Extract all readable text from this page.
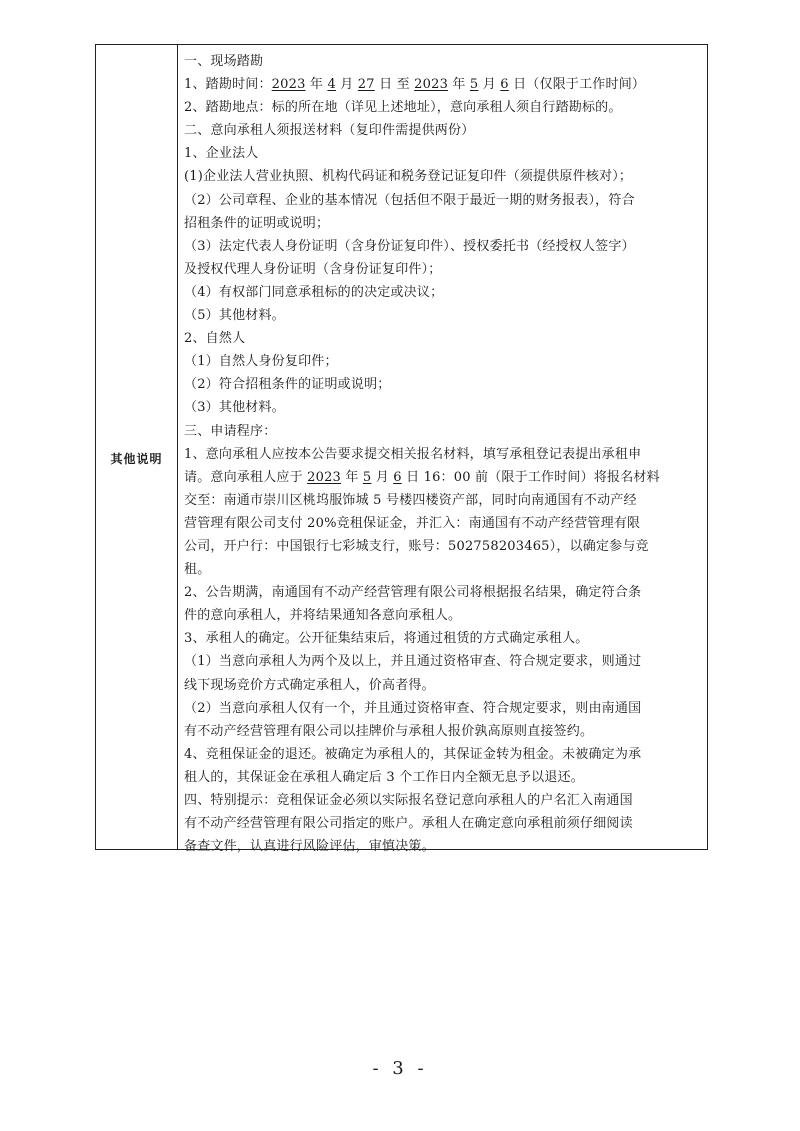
其他说明
一、现场踏勘
1、踏勘时间：2023 年 4 月 27 日 至 2023 年 5 月 6 日（仅限于工作时间）
2、踏勘地点：标的所在地（详见上述地址），意向承租人须自行踏勘标的。
二、意向承租人须报送材料（复印件需提供两份）
1、企业法人
(1)企业法人营业执照、机构代码证和税务登记证复印件（须提供原件核对）；
（2）公司章程、企业的基本情况（包括但不限于最近一期的财务报表），符合
招租条件的证明或说明；
（3）法定代表人身份证明（含身份证复印件）、授权委托书（经授权人签字）
及授权代理人身份证明（含身份证复印件）；
（4）有权部门同意承租标的的决定或决议；
（5）其他材料。
2、自然人
（1）自然人身份复印件；
（2）符合招租条件的证明或说明；
（3）其他材料。
三、申请程序：
1、意向承租人应按本公告要求提交相关报名材料，填写承租登记表提出承租申
请。意向承租人应于 2023 年 5 月 6 日 16：00 前（限于工作时间）将报名材料
交至：南通市崇川区桃坞服饰城 5 号楼四楼资产部，同时向南通国有不动产经
营管理有限公司支付 20%竞租保证金，并汇入：南通国有不动产经营管理有限
公司，开户行：中国银行七彩城支行，账号：502758203465），以确定参与竞
租。
2、公告期满，南通国有不动产经营管理有限公司将根据报名结果，确定符合条
件的意向承租人，并将结果通知各意向承租人。
3、承租人的确定。公开征集结束后，将通过租赁的方式确定承租人。
（1）当意向承租人为两个及以上，并且通过资格审查、符合规定要求，则通过
线下现场竞价方式确定承租人，价高者得。
（2）当意向承租人仅有一个，并且通过资格审查、符合规定要求，则由南通国
有不动产经营管理有限公司以挂牌价与承租人报价孰高原则直接签约。
4、竞租保证金的退还。被确定为承租人的，其保证金转为租金。未被确定为承
租人的，其保证金在承租人确定后 3 个工作日内全额无息予以退还。
四、特别提示：竞租保证金必须以实际报名登记意向承租人的户名汇入南通国
有不动产经营管理有限公司指定的账户。承租人在确定意向承租前须仔细阅读
备查文件，认真进行风险评估，审慎决策。
- 3 -
